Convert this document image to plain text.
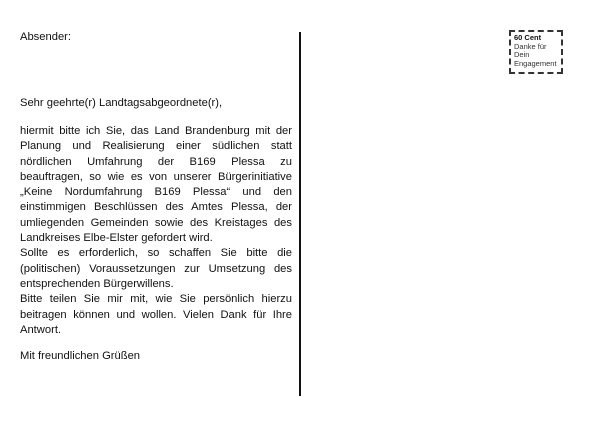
Absender:

Sehr geehrte(r) Landtagsabgeordnete(r),

hiermit bitte ich Sie, das Land Brandenburg mit der Planung und Realisierung einer südlichen statt nördlichen Umfahrung der B169 Plessa zu beauftragen, so wie es von unserer Bürgerinitiative „Keine Nordumfahrung B169 Plessa“ und den einstimmigen Beschlüssen des Amtes Plessa, der umliegenden Gemeinden sowie des Kreistages des Landkreises Elbe-Elster gefordert wird.

Sollte es erforderlich, so schaffen Sie bitte die (politischen) Voraussetzungen zur Umsetzung des entsprechenden Bürgerwillens.

Bitte teilen Sie mir mit, wie Sie persönlich hierzu beitragen können und wollen. Vielen Dank für Ihre Antwort.

Mit freundlichen Grüßen

60 Cent
Danke für Dein Engagement
